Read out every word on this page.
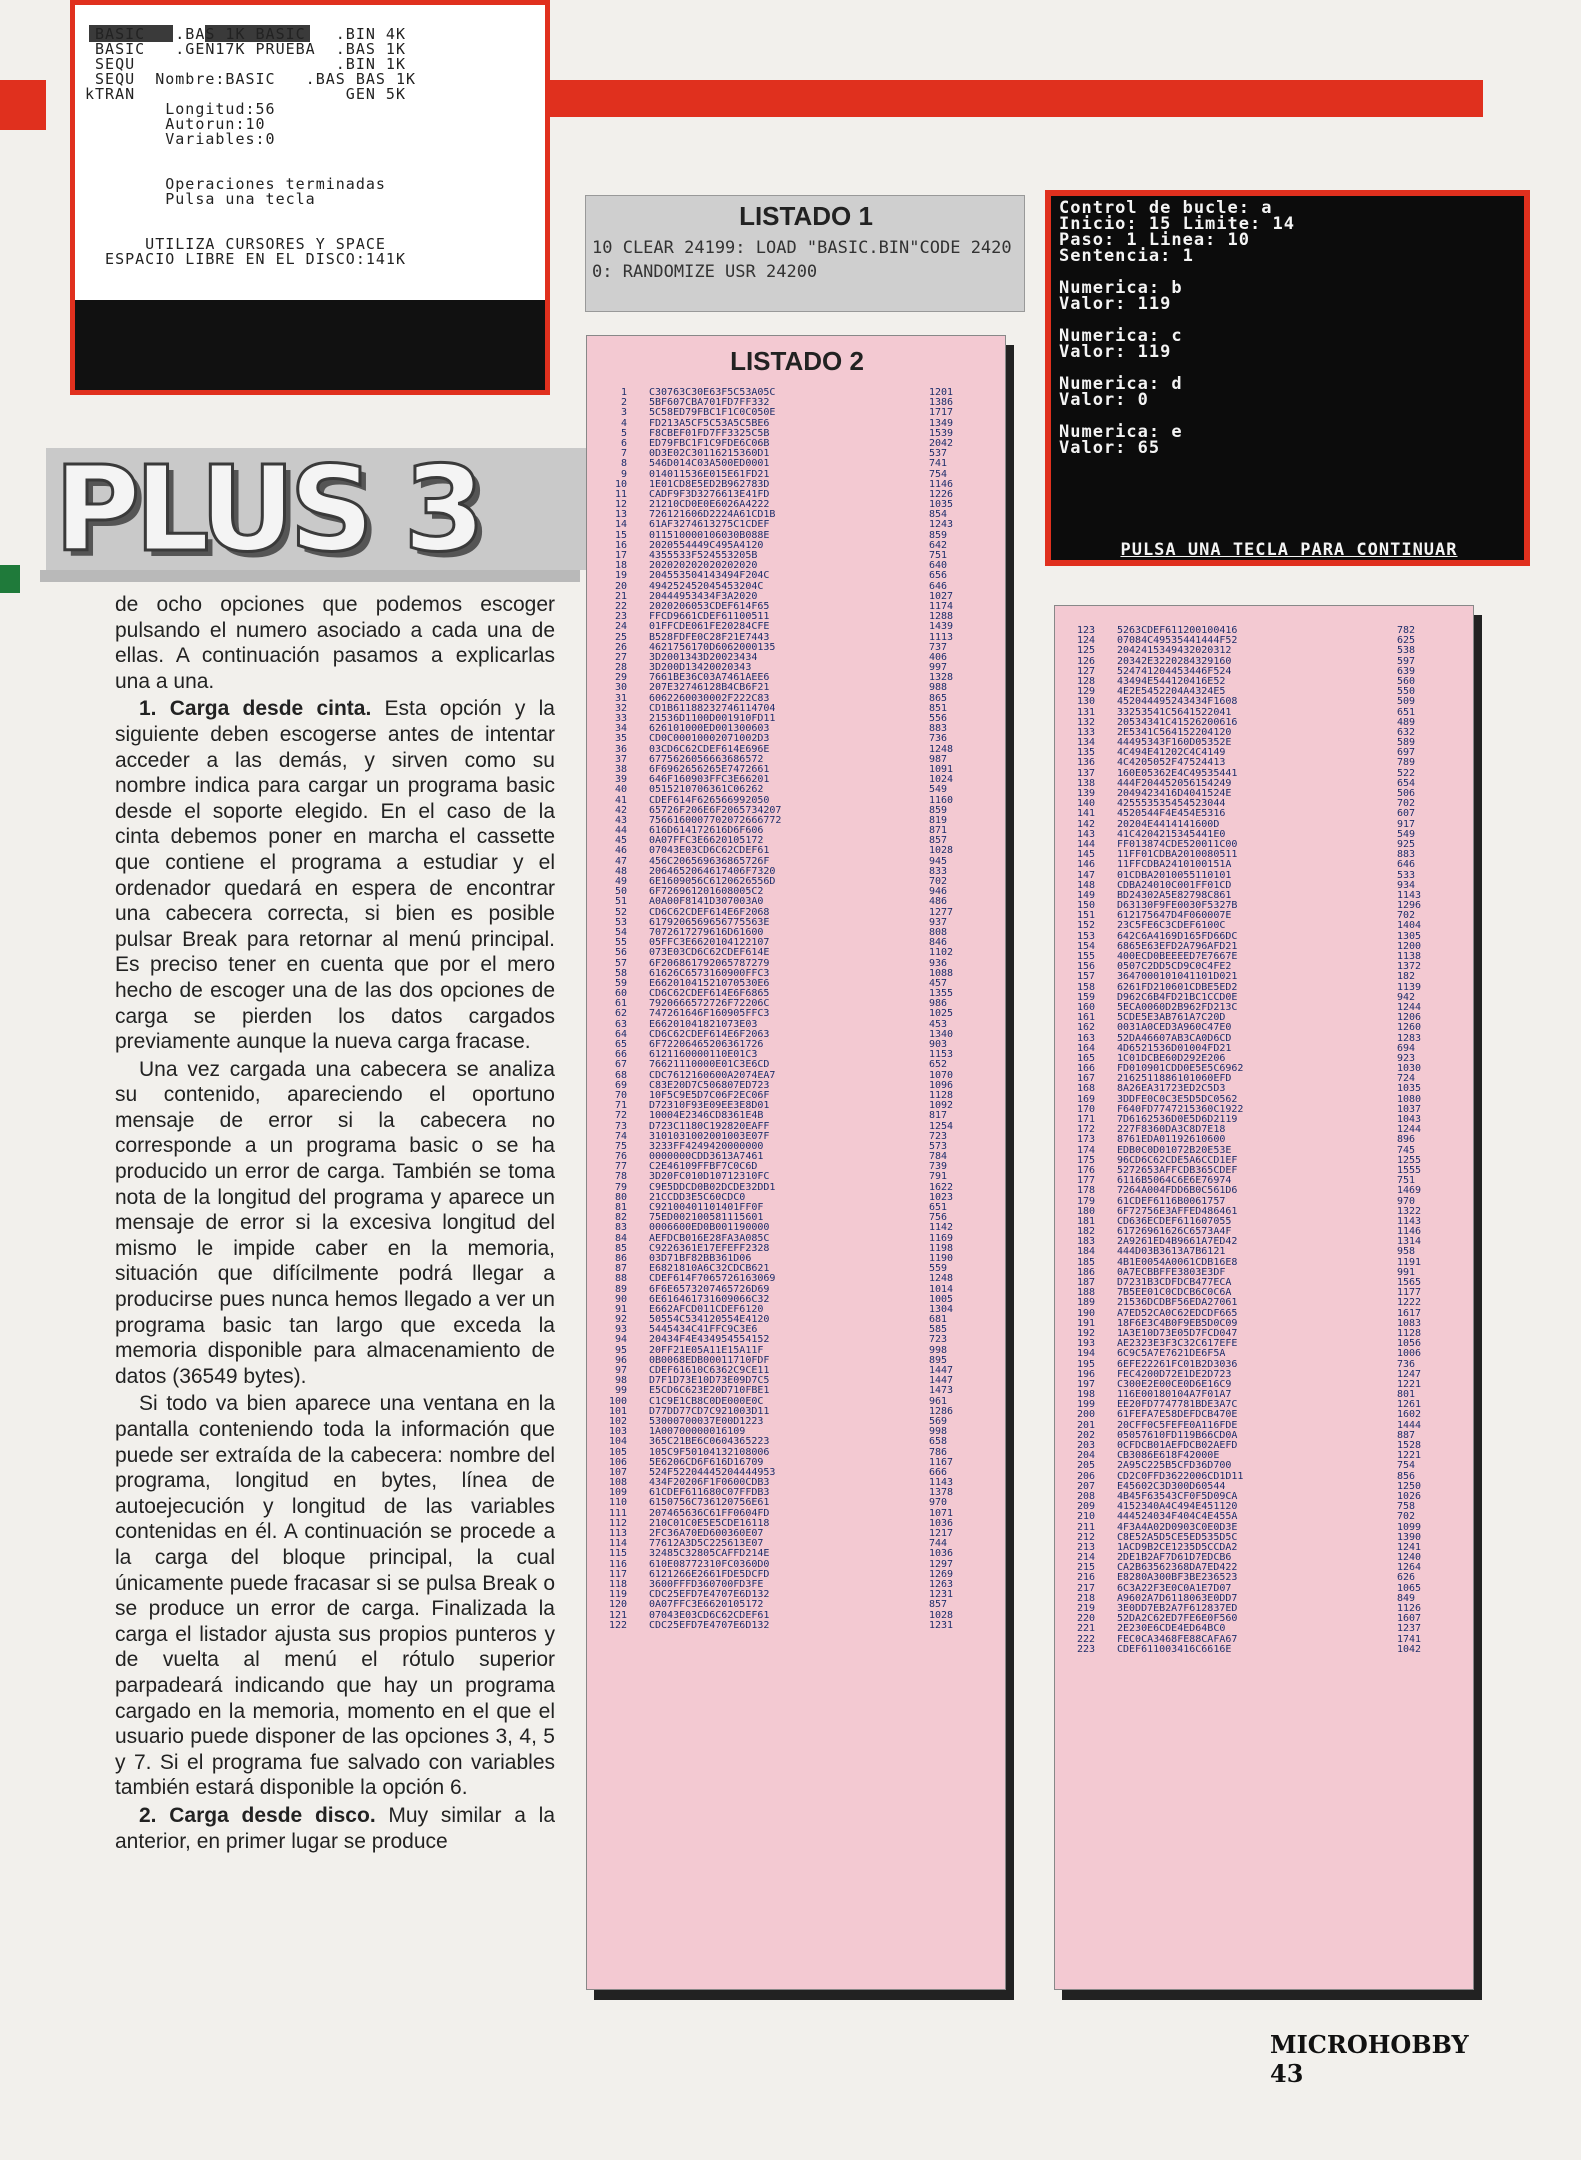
BASIC   .BAS 1K BASIC   .BIN 4K
BASIC   .GEN17K PRUEBA  .BAS 1K
SEQU                    .BIN 1K
SEQU  Nombre:BASIC   .BAS BAS 1K
kTRAN                     GEN 5K
Longitud:56
Autorun:10
Variables:0

Operaciones terminadas
Pulsa una tecla

UTILIZA CURSORES Y SPACE
ESPACIO LIBRE EN EL DISCO:141K
PLUS 3
LISTADO 1
10 CLEAR 24199: LOAD "BASIC.BIN"CODE 24200: RANDOMIZE USR 24200
Control de bucle: a
Inicio: 15 Limite: 14
Paso: 1 Linea: 10
Sentencia: 1

Numerica: b
Valor: 119

Numerica: c
Valor: 119

Numerica: d
Valor: 0

Numerica: e
Valor: 65
PULSA UNA TECLA PARA CONTINUAR
LISTADO 2
1 C30763C30E63F5C53A05C	1201
2 5BF607CBA701FD7FF332	1386
3 5C58ED79FBC1F1C0C050E	1717
4 FD213A5CF5C53A5C5BE6	1349
5 F8CBEF01FD7FF3325C5B	1539
6 ED79FBC1F1C9FDE6C06B	2042
7 0D3E02C30116215360D1	537
8 546D014C03A500ED0001	741
9 014011536E015E61FD21	754
10 1E01CD8E5ED2B962783D	1146
11 CADF9F3D3276613E41FD	1226
12 21210CD0E0E6026A4222	1035
13 726121606D2224A61CD1B	854
14 61AF3274613275C1CDEF	1243
15 011510000106030B088E	859
16 2020554449C495A4120	642
17 4355533F524553205B	751
18 202020202020202020	640
19 204553504143494F204C	656
20 494252452045453204C	646
21 20444953434F3A2020	1027
22 2020206053CDEF614F65	1174
23 FFCD9661CDEF61100511	1288
24 01FFCDE061FE20284CFE	1439
25 B528FDFE0C28F21E7443	1113
26 4621756170D6062000135	737
27 3D2001343D20023434	406
28 3D200D13420020343	997
29 7661BE36C03A7461AEE6	1328
30 207E32746128B4CB6F21	988
31 6062260030002F222C83	865
32 CD1B61188232746114704	851
33 21536D1100D001910FD11	556
34 626101000ED001300603	883
35 CD0C00010002071002D3	736
36 03CD6C62CDEF614E696E	1248
37 6775626056663686572	987
38 6F6962656265E7472661	1091
39 646F160903FFC3E66201	1024
40 0515210706361C06262	549
41 CDEF614F626566992050	1160
42 65726F206E6F2065734207	859
43 7566160007702072666772	819
44 616D614172616D6F606	871
45 0A07FFC3E6620105172	857
46 07043E03CD6C62CDEF61	1028
47 456C206569636865726F	945
48 2064652064617406F7320	833
49 6E1609056C6120626556D	702
50 6F726961201608005C2	946
51 A0A00F8141D307003A0	486
52 CD6C62CDEF614E6F2068	1277
53 6179206569656775563E	937
54 7072617279616D61600	808
55 05FFC3E6620104122107	846
56 073E03CD6C62CDEF614E	1102
57 6F206861792065787279	936
58 61626C6573160900FFC3	1088
59 E66201041521070530E6	457
60 CD6C62CDEF614E6F6865	1355
61 7920666572726F72206C	986
62 747261646F160905FFC3	1025
63 E66201041821073E03	453
64 CD6C62CDEF614E6F2063	1340
65 6F72206465206361726	903
66 6121160000110E01C3	1153
67 76621110000E01C3E6CD	652
68 CDC7612160600A2074EA7	1070
69 C83E20D7C506807ED723	1096
70 10F5C9E5D7C06F2EC06F	1128
71 D72310F93E09EE3E8D01	1092
72 10004E2346CD8361E4B	817
73 D723C1180C192820EAFF	1254
74 3101031002001003E07F	723
75 3233FF4249420000000	573
76 0000000CDD3613A7461	784
77 C2E46109FFBF7C0C6D	739
78 3D20FC010D10712310FC	791
79 C9E5DDCD0B02DCDE32DD1	1622
80 21CCDD3E5C60CDC0	1023
81 C92100401101401FF0F	651
82 75ED002100581115601	756
83 0006600ED0B001190000	1142
84 AEFDCB016E28FA3A085C	1169
85 C9226361E17EFEFF2328	1198
86 03D71BF82BB361D06	1190
87 E6821810A6C32CDCB621	559
88 CDEF614F7065726163069	1248
89 6F6E6573207465726D69	1014
90 6E616461731609066C32	1005
91 E662AFCD011CDEF6120	1304
92 50554C534120554E4120	681
93 5445434C41FFC9C3E6	585
94 20434F4E434954554152	723
95 20FF21E05A11E15A11F	998
96 0B0068EDB00011710FDF	895
97 CDEF61610C6362C9CE11	1447
98 D7F1D73E10D73E09D7C5	1447
99 E5CD6C623E20D710FBE1	1473
100 C1C9E1CB8C0DE000E0C	961
101 D77DD77CD7C921003D11	1286
102 53000700037E00D1223	569
103 1A00700000016109	998
104 365C21BE6C0604365223	658
105 105C9F50104132108006	786
106 5E6206CD6F616D16709	1167
107 524F52204445204444953	666
108 434F20206F1F0600CDB3	1143
109 61CDEF611680C07FFDB3	1378
110 6150756C736120756E61	970
111 207465636C61FF0604FD	1071
112 210C01C0E5E5CDE16118	1036
113 2FC36A70ED600360E07	1217
114 77612A3D5C225613E07	744
115 32485C32805CAFFD214E	1036
116 610E08772310FC0360D0	1297
117 6121266E2661FDE5DCFD	1269
118 3600FFFD360700FD3FE	1263
119 CDC25EFD7E4707E6D132	1231
120 0A07FFC3E6620105172	857
121 07043E03CD6C62CDEF61	1028
122 CDC25EFD7E4707E6D132	1231
123 5263CDEF611200100416	782
124 07084C49535441444F52	625
125 2042415349432020312	538
126 20342E3220284329160	597
127 524741204453446F524	639
128 43494E544120416E52	560
129 4E2E5452204A4324E5	550
130 452044495243434F1608	509
131 33253541C5641522041	651
132 20534341C41526200616	489
133 2E5341C564152204120	632
134 44495343F160D05352E	589
135 4C494E41202C4C4149	697
136 4C4205052F47524413	789
137 160E05362E4C49535441	522
138 444F204452056154249	654
139 2049423416D4041524E	506
140 425553535454523044	702
141 4520544F4E454E5316	607
142 20204E4414141600D	917
143 41C4204215345441E0	549
144 FF013874CDE520011C00	925
145 11FF01CDBA2010080511	883
146 11FFCDBA2410100151A	646
147 01CDBA2010055110101	533
148 CDBA24010C001FF01CD	934
149 BD24302A5E82798C861	1143
150 D63130F9FE0030F5327B	1296
151 612175647D4F060007E	702
152 23C5FE6C3CDEF6100C	1404
153 642C6A4169D165FD66DC	1305
154 6865E63EFD2A796AFD21	1200
155 400ECD0BEEEED7E7667E	1138
156 0507C2DD5CD9C0C4FE2	1372
157 3647000101041101D021	182
158 6261FD210601CDBE5ED2	1139
159 D962C6B4FD21BC1CCD0E	942
160 5ECA0060D2B962FD213C	1244
161 5CDE5E3AB761A7C20D	1206
162 0031A0CED3A960C47E0	1260
163 52DA46607AB3CA0D6CD	1283
164 4D6521536D01004FD21	694
165 1C01DCBE60D292E206	923
166 FD010901CDD0E5E5C6962	1030
167 2162511886101060EFD	724
168 8A26EA31723ED2C5D3	1035
169 3DDFE0C0C3E5D5DC0562	1080
170 F640FD7747215360C1922	1037
171 7D6162536D0E5D6D2119	1043
172 227F8360DA3C8D7E18	1244
173 8761EDA01192610600	896
174 EDB0C0D01072B20E53E	745
175 96CD6C62CDE5A6CCD1EF	1255
176 5272653AFFCDB365CDEF	1555
177 6116B5064C6E6E76974	751
178 7264A004FDD6B0C561D6	1469
179 61CDEF6116B0061757	970
180 6F72756E3AFFED486461	1322
181 CD636ECDEF611607055	1143
182 61726961626C6573A4F	1146
183 2A9261ED4B9661A7ED42	1314
184 444D03B3613A7B6121	958
185 4B1E0054A0061CDB16E8	1191
186 0A7ECBBFFE3803E3DF	991
187 D7231B3CDFDCB477ECA	1565
188 7B5EE01C0CDCB6C0C6A	1177
189 21536DCDBF56EDA27061	1222
190 A7ED52CA0C62EDCDF665	1617
191 18F6E3C4B0F9EB5D0C09	1083
192 1A3E10D73E05D7FCD047	1128
193 AE2323E3F3C32C617EFE	1056
194 6C9C5A7E7621DE6F5A	1006
195 6EFE22261FC01B2D3036	736
196 FEC4200D72E1DE2D723	1247
197 C300E2E00CE0D6E16C9	1221
198 116E00180104A7F01A7	801
199 EE20FD7747781BDE3A7C	1261
200 61FEFA7E58DEFDCB470E	1602
201 20CFF0C5FEFE0A116FDE	1444
202 05057610FD119B66CD0A	887
203 0CFDCB01AEFDCB02AEFD	1528
204 CB3086E618F42000E	1221
205 2A95C225B5CFD36D700	754
206 CD2C0FFD3622006CD1D11	856
207 E45602C3D300D60544	1250
208 4B45F63543CF0F5D09CA	1026
209 4152340A4C494E451120	758
210 444524034F404C4E455A	702
211 4F3A4A02D0903C0E0D3E	1099
212 C8E52A5D5CE5ED535D5C	1390
213 1ACD9B2CE1235D5CCDA2	1241
214 2DE1B2AF7D61D7EDCB6	1240
215 CA2B63562368DA7ED422	1264
216 E8280A300BF3BE236523	626
217 6C3A22F3E0C0A1E7D07	1065
218 A9602A7D6118063E0DD7	849
219 3E0DD7EB2A7F612837ED	1126
220 52DA2C62ED7FE6E0F560	1607
221 2E230E6CDE4ED64BC0	1237
222 FEC0CA3468FE88CAFA67	1741
223 CDEF611003416C6616E	1042

de ocho opciones que podemos escoger pulsando el numero asociado a cada una de ellas. A continuación pasamos a explicarlas una a una.

1. Carga desde cinta. Esta opción y la siguiente deben escogerse antes de intentar acceder a las demás, y sirven como su nombre indica para cargar un programa basic desde el soporte elegido. En el caso de la cinta debemos poner en marcha el cassette que contiene el programa a estudiar y el ordenador quedará en espera de encontrar una cabecera correcta, si bien es posible pulsar Break para retornar al menú principal. Es preciso tener en cuenta que por el mero hecho de escoger una de las dos opciones de carga se pierden los datos cargados previamente aunque la nueva carga fracase.

Una vez cargada una cabecera se analiza su contenido, apareciendo el oportuno mensaje de error si la cabecera no corresponde a un programa basic o se ha producido un error de carga. También se toma nota de la longitud del programa y aparece un mensaje de error si la excesiva longitud del mismo le impide caber en la memoria, situación que difícilmente podrá llegar a producirse pues nunca hemos llegado a ver un programa basic tan largo que exceda la memoria disponible para almacenamiento de datos (36549 bytes).

Si todo va bien aparece una ventana en la pantalla conteniendo toda la información que puede ser extraída de la cabecera: nombre del programa, longitud en bytes, línea de autoejecución y longitud de las variables contenidas en él. A continuación se procede a la carga del bloque principal, la cual únicamente puede fracasar si se pulsa Break o se produce un error de carga. Finalizada la carga el listador ajusta sus propios punteros y de vuelta al menú el rótulo superior parpadeará indicando que hay un programa cargado en la memoria, momento en el que el usuario puede disponer de las opciones 3, 4, 5 y 7. Si el programa fue salvado con variables también estará disponible la opción 6.

2. Carga desde disco. Muy similar a la anterior, en primer lugar se produce

MICROHOBBY 43
